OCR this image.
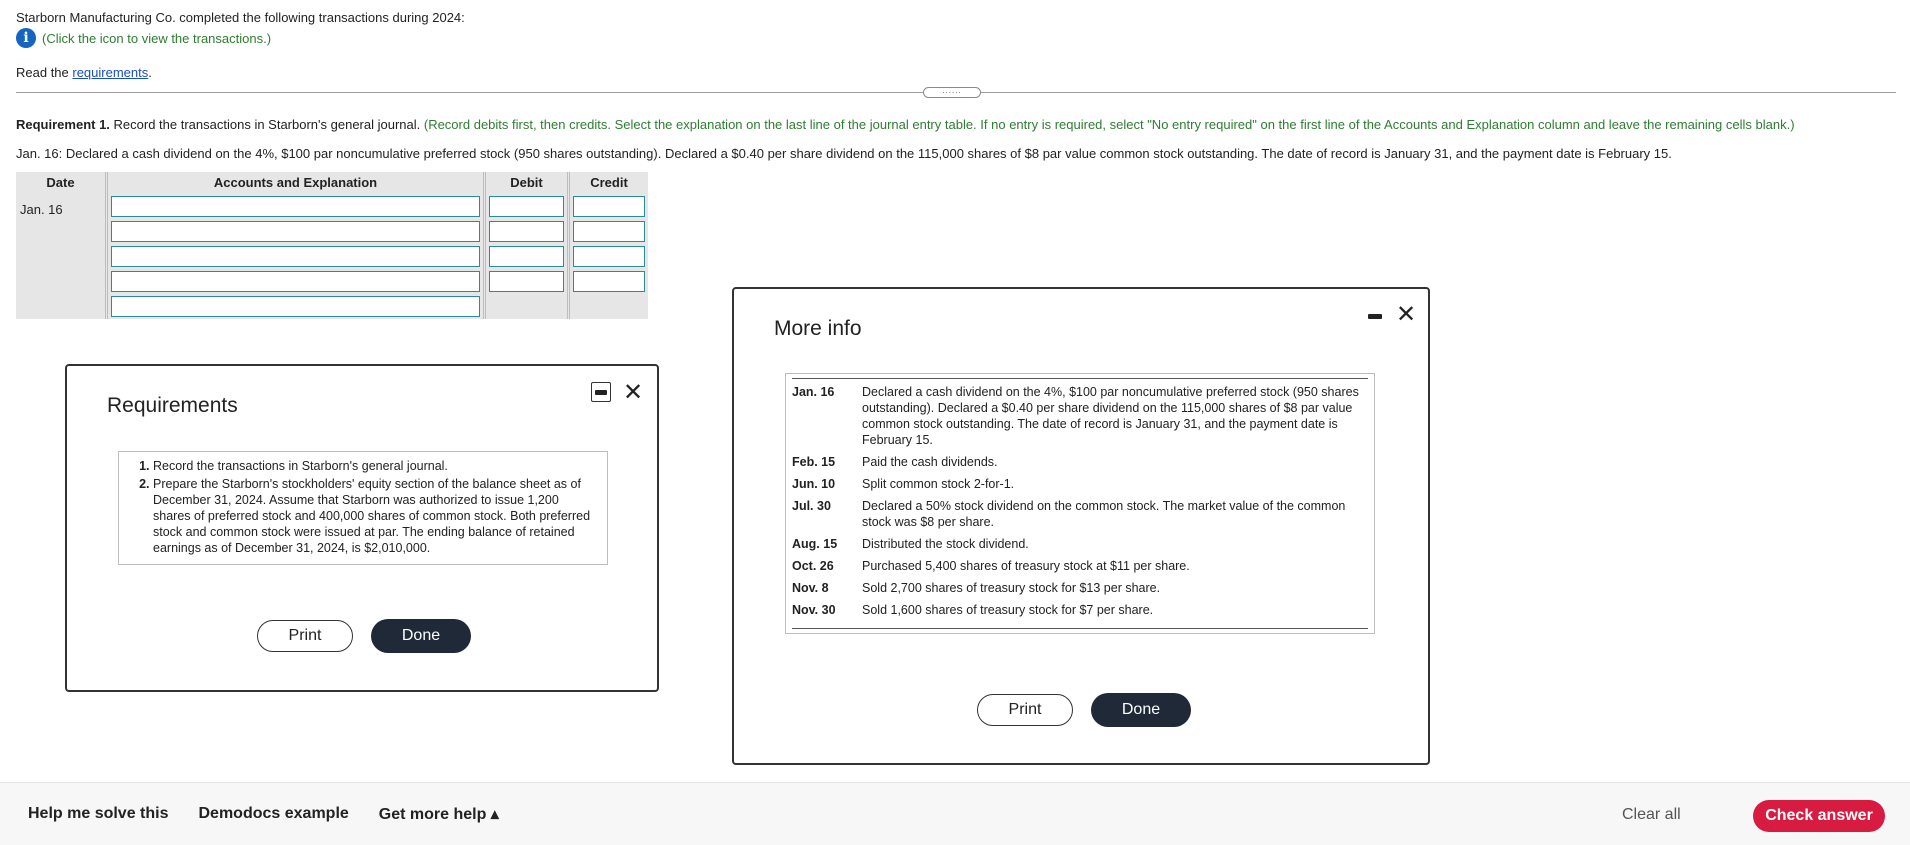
Starborn Manufacturing Co. completed the following transactions during 2024:
i	(Click the icon to view the transactions.)
Read the requirements.
......
Requirement 1. Record the transactions in Starborn's general journal. (Record debits first, then credits. Select the explanation on the last line of the journal entry table. If no entry is required, select "No entry required" on the first line of the Accounts and Explanation column and leave the remaining cells blank.)
Jan. 16: Declared a cash dividend on the 4%, $100 par noncumulative preferred stock (950 shares outstanding). Declared a $0.40 per share dividend on the 115,000 shares of $8 par value common stock outstanding. The date of record is January 31, and the payment date is February 15.
Date	Accounts and Explanation	Debit	Credit
Jan. 16
Requirements	✕
1. Record the transactions in Starborn's general journal.
2. Prepare the Starborn's stockholders' equity section of the balance sheet as of December 31, 2024. Assume that Starborn was authorized to issue 1,200 shares of preferred stock and 400,000 shares of common stock. Both preferred stock and common stock were issued at par. The ending balance of retained earnings as of December 31, 2024, is $2,010,000.
Print	Done
More info
✕
Jan. 16	Declared a cash dividend on the 4%, $100 par noncumulative preferred stock (950 shares outstanding). Declared a $0.40 per share dividend on the 115,000 shares of $8 par value common stock outstanding. The date of record is January 31, and the payment date is February 15.
Feb. 15	Paid the cash dividends.
Jun. 10	Split common stock 2-for-1.
Jul. 30	Declared a 50% stock dividend on the common stock. The market value of the common stock was $8 per share.
Aug. 15	Distributed the stock dividend.
Oct. 26	Purchased 5,400 shares of treasury stock at $11 per share.
Nov. 8	Sold 2,700 shares of treasury stock for $13 per share.
Nov. 30	Sold 1,600 shares of treasury stock for $7 per share.
Print	Done
Help me solve this Demodocs example Get more help ▴	Clear all	Check answer
